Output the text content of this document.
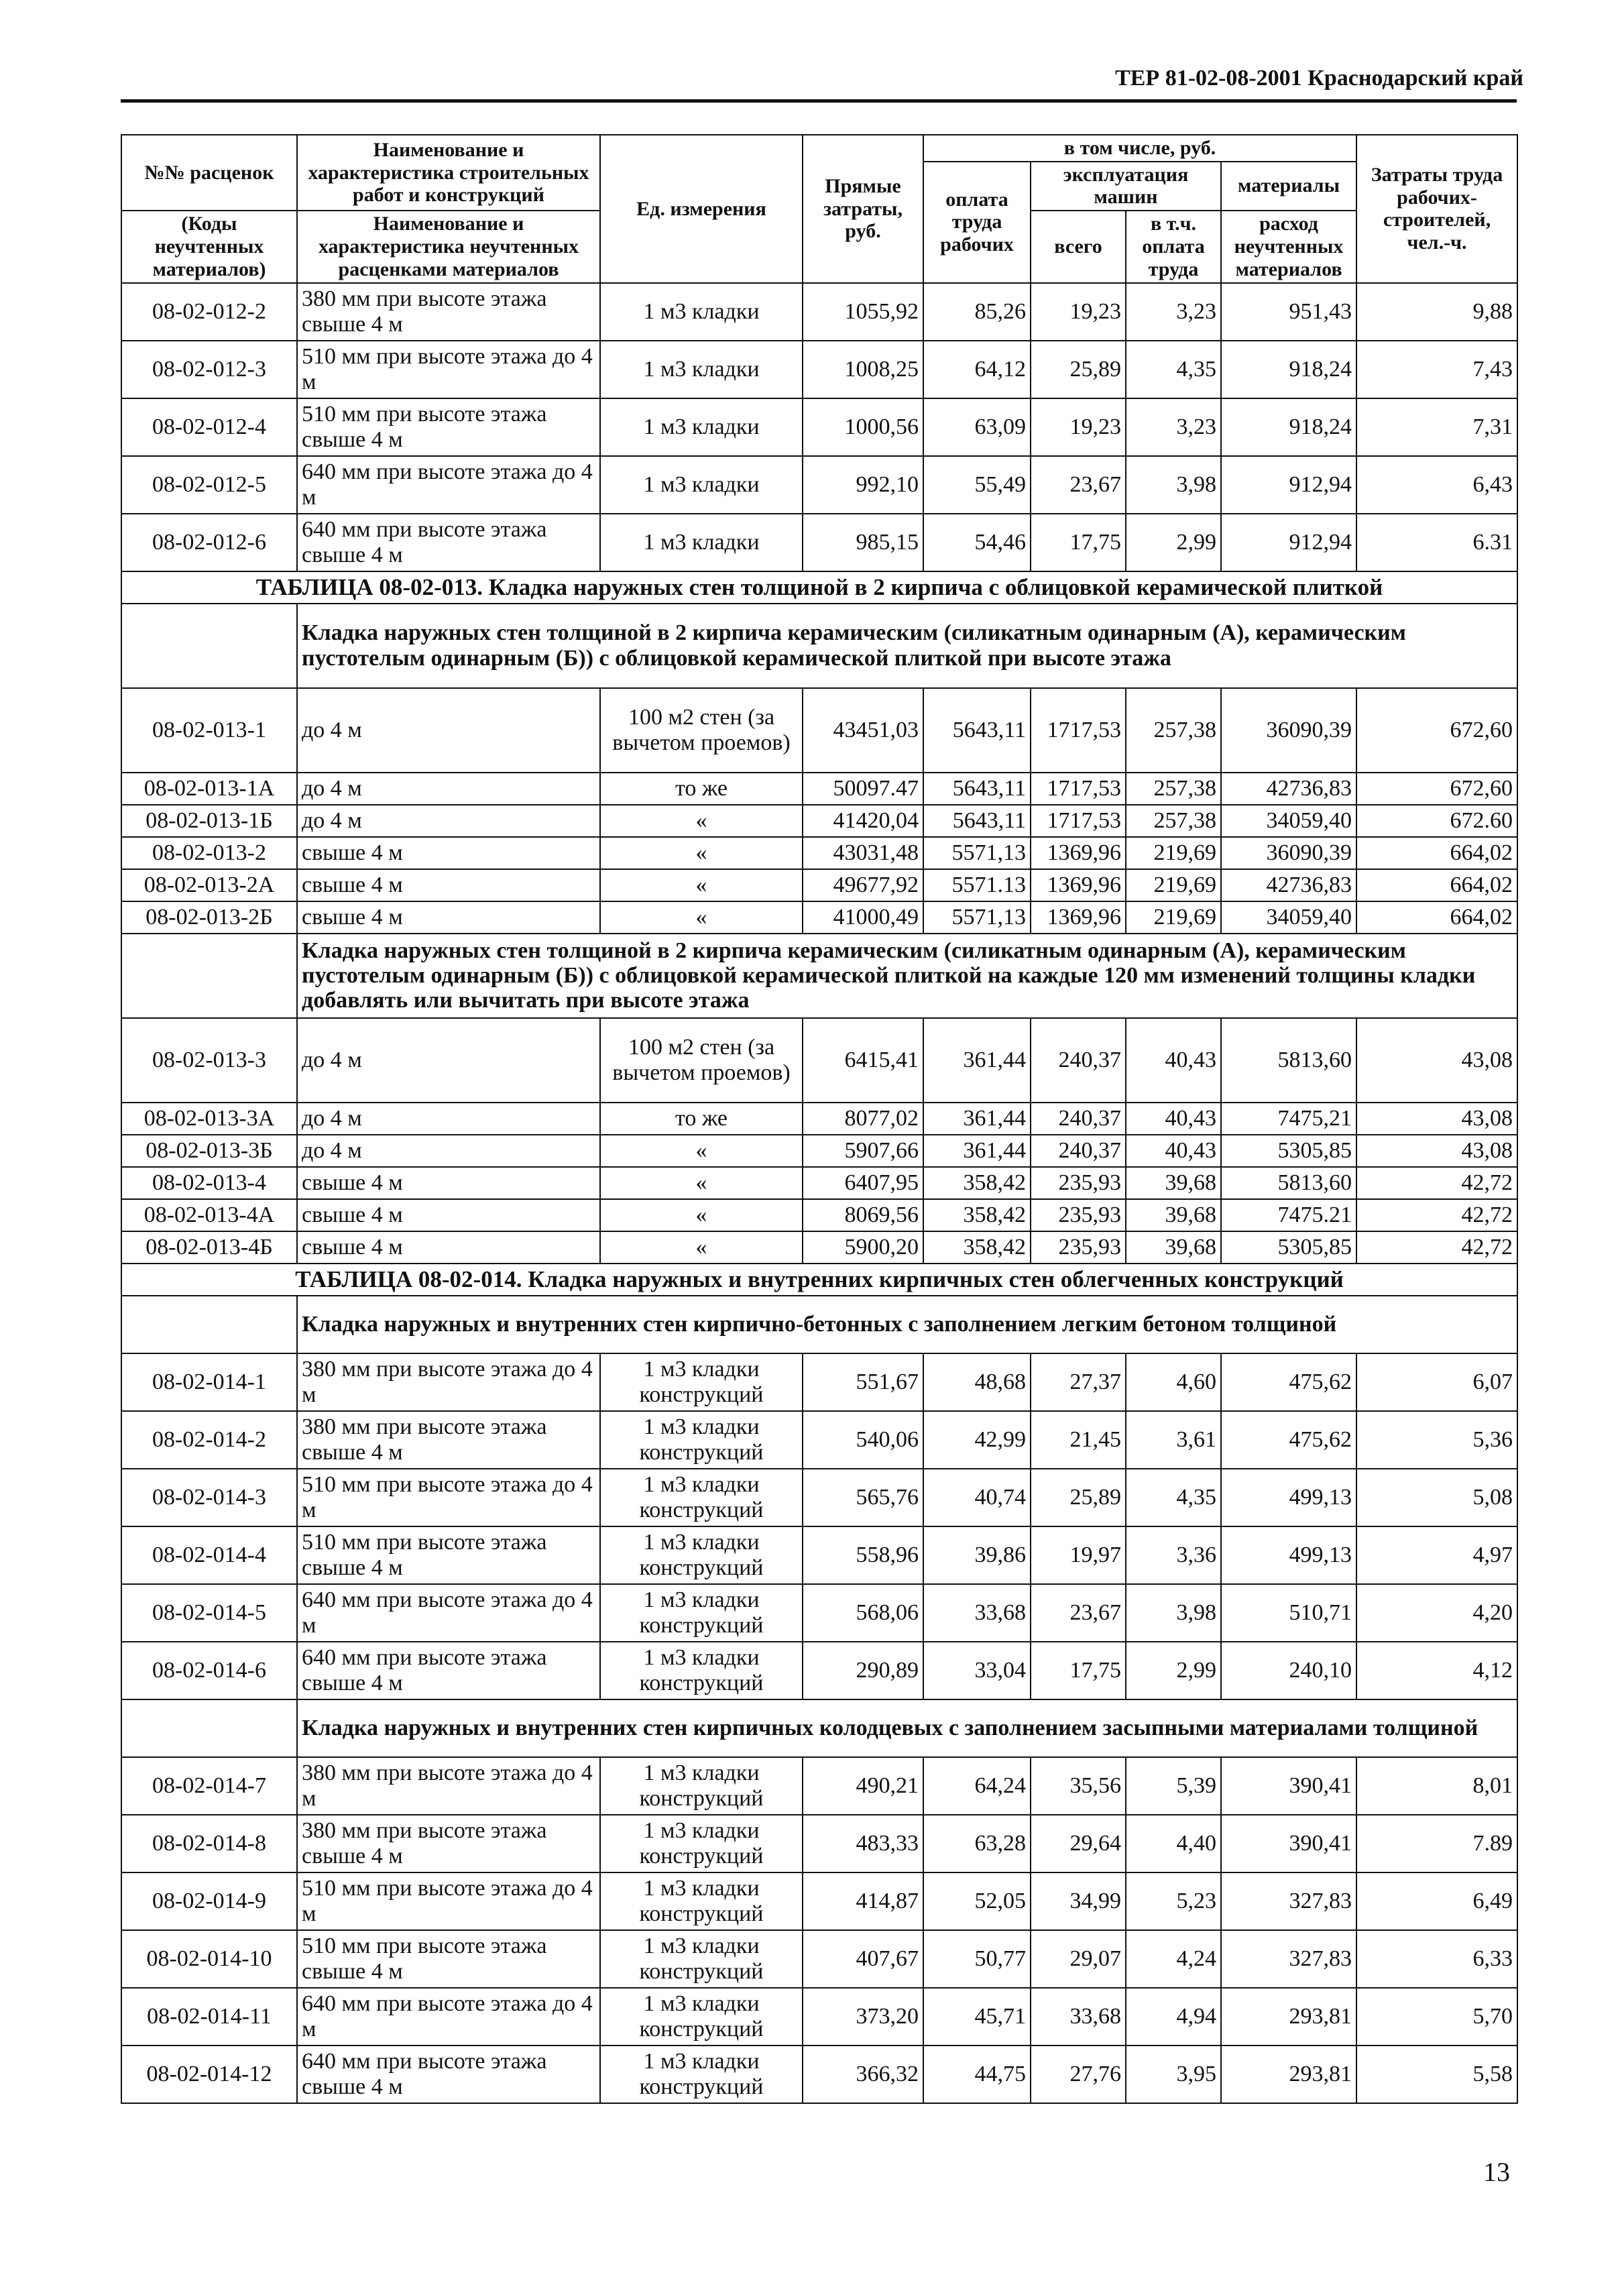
ТЕР 81-02-08-2001 Краснодарский край
№№ расценок	Наименование и характеристика строительных работ и конструкций	Ед. измерения	Прямые затраты, руб.	в том числе, руб.				Затраты труда рабочих-строителей, чел.-ч.
				оплата труда рабочих	эксплуатация машин		материалы	

(Коды неучтенных материалов)	Наименование и характеристика неучтенных расценками материалов				всего	в т.ч. оплата труда	расход неучтенных материалов	

08-02-012-2	380 мм при высоте этажа свыше 4 м	1 м3 кладки	1055,92	85,26	19,23	3,23	951,43	9,88
08-02-012-3	510 мм при высоте этажа до 4 м	1 м3 кладки	1008,25	64,12	25,89	4,35	918,24	7,43
08-02-012-4	510 мм при высоте этажа свыше 4 м	1 м3 кладки	1000,56	63,09	19,23	3,23	918,24	7,31
08-02-012-5	640 мм при высоте этажа до 4 м	1 м3 кладки	992,10	55,49	23,67	3,98	912,94	6,43
08-02-012-6	640 мм при высоте этажа свыше 4 м	1 м3 кладки	985,15	54,46	17,75	2,99	912,94	6.31
ТАБЛИЦА 08-02-013. Кладка наружных стен толщиной в 2 кирпича с облицовкой керамической плиткой								
	Кладка наружных стен толщиной в 2 кирпича керамическим (силикатным одинарным (А), керамическим пустотелым одинарным (Б)) с облицовкой керамической плиткой при высоте этажа							
08-02-013-1	до 4 м	100 м2 стен (за вычетом проемов)	43451,03	5643,11	1717,53	257,38	36090,39	672,60
08-02-013-1А	до 4 м	то же	50097.47	5643,11	1717,53	257,38	42736,83	672,60
08-02-013-1Б	до 4 м	«	41420,04	5643,11	1717,53	257,38	34059,40	672.60
08-02-013-2	свыше 4 м	«	43031,48	5571,13	1369,96	219,69	36090,39	664,02
08-02-013-2А	свыше 4 м	«	49677,92	5571.13	1369,96	219,69	42736,83	664,02
08-02-013-2Б	свыше 4 м	«	41000,49	5571,13	1369,96	219,69	34059,40	664,02
	Кладка наружных стен толщиной в 2 кирпича керамическим (силикатным одинарным (А), керамическим пустотелым одинарным (Б)) с облицовкой керамической плиткой на каждые 120 мм изменений толщины кладки добавлять или вычитать при высоте этажа							
08-02-013-3	до 4 м	100 м2 стен (за вычетом проемов)	6415,41	361,44	240,37	40,43	5813,60	43,08
08-02-013-3А	до 4 м	то же	8077,02	361,44	240,37	40,43	7475,21	43,08
08-02-013-3Б	до 4 м	«	5907,66	361,44	240,37	40,43	5305,85	43,08
08-02-013-4	свыше 4 м	«	6407,95	358,42	235,93	39,68	5813,60	42,72
08-02-013-4А	свыше 4 м	«	8069,56	358,42	235,93	39,68	7475.21	42,72
08-02-013-4Б	свыше 4 м	«	5900,20	358,42	235,93	39,68	5305,85	42,72
ТАБЛИЦА 08-02-014. Кладка наружных и внутренних кирпичных стен облегченных конструкций								
	Кладка наружных и внутренних стен кирпично-бетонных с заполнением легким бетоном толщиной							
08-02-014-1	380 мм при высоте этажа до 4 м	1 м3 кладки конструкций	551,67	48,68	27,37	4,60	475,62	6,07
08-02-014-2	380 мм при высоте этажа свыше 4 м	1 м3 кладки конструкций	540,06	42,99	21,45	3,61	475,62	5,36
08-02-014-3	510 мм при высоте этажа до 4 м	1 м3 кладки конструкций	565,76	40,74	25,89	4,35	499,13	5,08
08-02-014-4	510 мм при высоте этажа свыше 4 м	1 м3 кладки конструкций	558,96	39,86	19,97	3,36	499,13	4,97
08-02-014-5	640 мм при высоте этажа до 4 м	1 м3 кладки конструкций	568,06	33,68	23,67	3,98	510,71	4,20
08-02-014-6	640 мм при высоте этажа свыше 4 м	1 м3 кладки конструкций	290,89	33,04	17,75	2,99	240,10	4,12
	Кладка наружных и внутренних стен кирпичных колодцевых с заполнением засыпными материалами толщиной							
08-02-014-7	380 мм при высоте этажа до 4 м	1 м3 кладки конструкций	490,21	64,24	35,56	5,39	390,41	8,01
08-02-014-8	380 мм при высоте этажа свыше 4 м	1 м3 кладки конструкций	483,33	63,28	29,64	4,40	390,41	7.89
08-02-014-9	510 мм при высоте этажа до 4 м	1 м3 кладки конструкций	414,87	52,05	34,99	5,23	327,83	6,49
08-02-014-10	510 мм при высоте этажа свыше 4 м	1 м3 кладки конструкций	407,67	50,77	29,07	4,24	327,83	6,33
08-02-014-11	640 мм при высоте этажа до 4 м	1 м3 кладки конструкций	373,20	45,71	33,68	4,94	293,81	5,70
08-02-014-12	640 мм при высоте этажа свыше 4 м	1 м3 кладки конструкций	366,32	44,75	27,76	3,95	293,81	5,58
13
